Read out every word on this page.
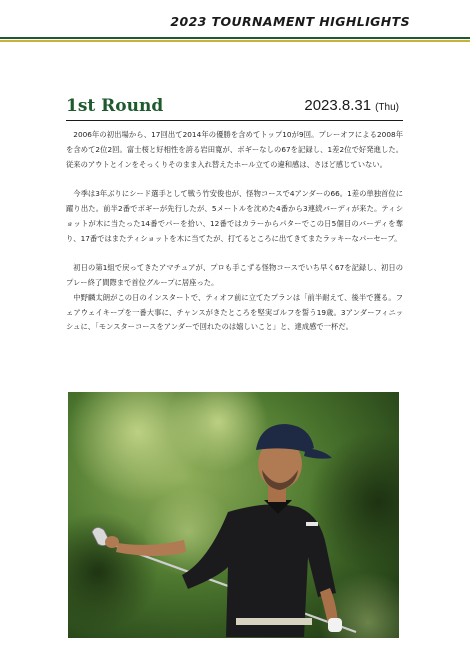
2023 TOURNAMENT HIGHLIGHTS
1st Round	2023.8.31 (Thu)

2006年の初出場から、17回出て2014年の優勝を含めてトップ10が9回。プレーオフによる2008年を含めて2位2回。富士桜と好相性を誇る岩田寛が、ボギーなしの67を記録し、1差2位で好発進した。従来のアウトとインをそっくりそのまま入れ替えたホール立ての違和感は、さほど感じていない。

今季は3年ぶりにシード選手として戦う竹安俊也が、怪物コースで4アンダーの66。1差の単独首位に躍り出た。前半2番でボギーが先行したが、5メートルを沈めた4番から3連続バーディが来た。ティショットが木に当たった14番でパーを拾い、12番ではカラーからパターでこの日5個目のバーディを奪り、17番ではまたティショットを木に当てたが、打てるところに出てきてまたラッキーなパーセーブ。

初日の第1組で戻ってきたアマチュアが、プロも手こずる怪物コースでいち早く67を記録し、初日のプレー終了間際まで首位グループに居座った。

中野麟太朗がこの日のインスタートで、ティオフ前に立てたプランは「前半耐えて、後半で獲る。フェアウェイキープを一番大事に、チャンスがきたところを堅実ゴルフを誓う19歳。3アンダーフィニッシュに、「モンスターコースをアンダーで回れたのは嬉しいこと」と、達成感で一杯だ。
